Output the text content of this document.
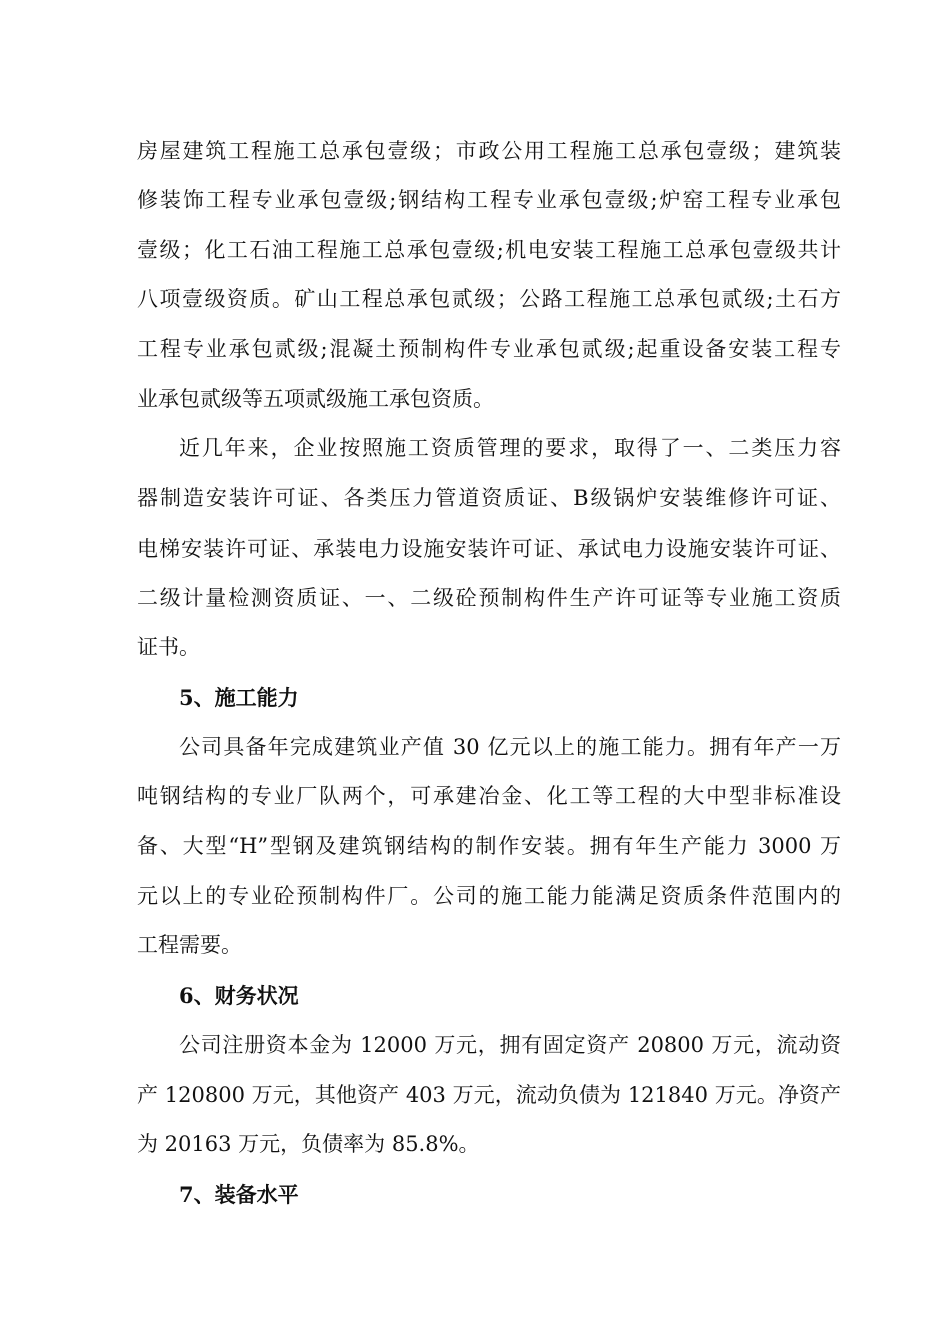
房屋建筑工程施工总承包壹级；市政公用工程施工总承包壹级；建筑装
修装饰工程专业承包壹级;钢结构工程专业承包壹级;炉窑工程专业承包
壹级；化工石油工程施工总承包壹级;机电安装工程施工总承包壹级共计
八项壹级资质。矿山工程总承包贰级；公路工程施工总承包贰级;土石方
工程专业承包贰级;混凝土预制构件专业承包贰级;起重设备安装工程专
业承包贰级等五项贰级施工承包资质。
近几年来，企业按照施工资质管理的要求，取得了一、二类压力容
器制造安装许可证、各类压力管道资质证、B级锅炉安装维修许可证、
电梯安装许可证、承装电力设施安装许可证、承试电力设施安装许可证、
二级计量检测资质证、一、二级砼预制构件生产许可证等专业施工资质
证书。
5、施工能力
公司具备年完成建筑业产值 30 亿元以上的施工能力。拥有年产一万
吨钢结构的专业厂队两个，可承建冶金、化工等工程的大中型非标准设
备、大型“H”型钢及建筑钢结构的制作安装。拥有年生产能力 3000 万
元以上的专业砼预制构件厂。公司的施工能力能满足资质条件范围内的
工程需要。
6、财务状况
公司注册资本金为 12000 万元，拥有固定资产 20800 万元，流动资
产 120800 万元，其他资产 403 万元，流动负债为 121840 万元。净资产
为 20163 万元，负债率为 85.8%。
7、装备水平
